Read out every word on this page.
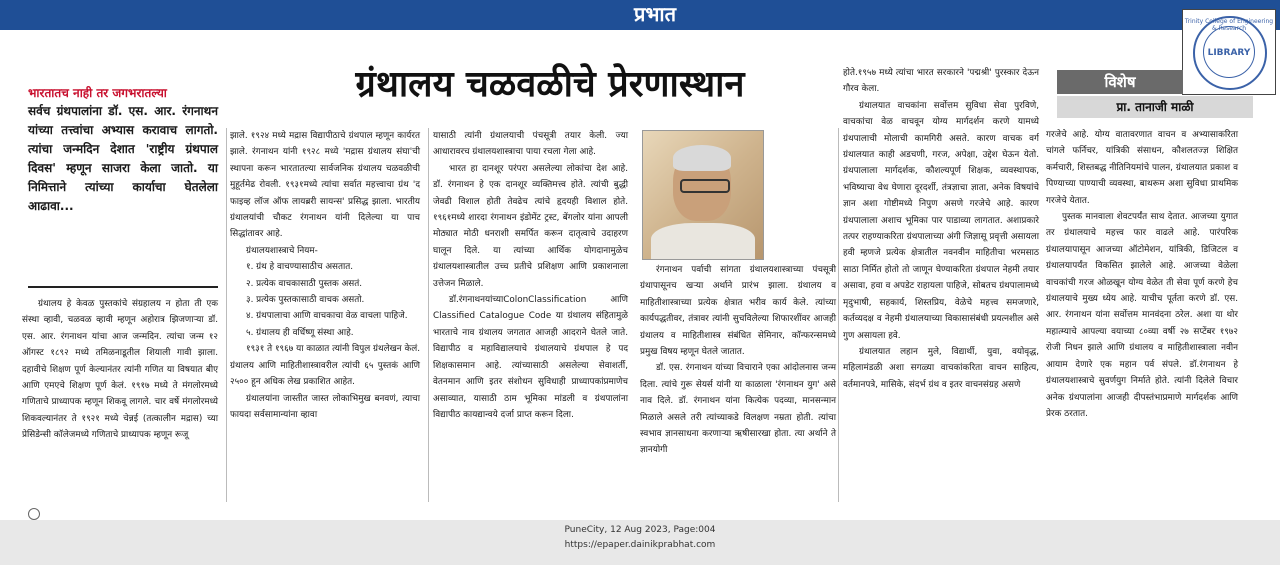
प्रभात	Trinity College of Engineering & Research
LIBRARY
ग्रंथालय चळवळीचे प्रेरणास्थान
भारतातच नाही तर जगभरातल्या
सर्वच ग्रंथपालांना डॉ. एस. आर. रंगनाथन यांच्या तत्त्वांचा अभ्यास करावाच लागतो. त्यांचा जन्मदिन देशात 'राष्ट्रीय ग्रंथपाल दिवस' म्हणून साजरा केला जातो. या निमित्ताने त्यांच्या कार्याचा घेतलेला आढावा...

ग्रंथालय हे केवळ पुस्तकांचे संग्रहालय न होता ती एक संस्था व्हावी, चळवळ व्हावी म्हणून अहोरात्र झिजणाऱ्या डॉ. एस. आर. रंगनाथन यांचा आज जन्मदिन. त्यांचा जन्म १२ ऑगस्ट १८९२ मध्ये तमिळनाडूतील शियाली गावी झाला. दहावीचे शिक्षण पूर्ण केल्यानंतर त्यांनी गणित या विषयात बीए आणि एमएचे शिक्षण पूर्ण केलं. १९१७ मध्ये ते मंगलोरमध्ये गणिताचे प्राध्यापक म्हणून शिकवू लागले. चार वर्षे मंगलोरमध्ये शिकवल्यानंतर ते १९२१ मध्ये चेन्नई (तत्कालीन मद्रास) च्या प्रेसिडेन्सी कॉलेजमध्ये गणिताचे प्राध्यापक म्हणून रूजू

झाले. १९२४ मध्ये मद्रास विद्यापीठाचे ग्रंथपाल म्हणून कार्यरत झाले. रंगनाथन यांनी १९२८ मध्ये 'मद्रास ग्रंथालय संघा'ची स्थापना करून भारतातल्या सार्वजनिक ग्रंथालय चळवळीची मुहूर्तमेढ रोवली. १९३१मध्ये त्यांचा सर्वात महत्त्वाचा ग्रंथ 'द फाइव्ह लॉज ऑफ लायब्ररी सायन्स' प्रसिद्ध झाला. भारतीय ग्रंथालयांची चौकट रंगनाथन यांनी दिलेल्या या पाच सिद्धांतावर आहे.

ग्रंथालयशास्त्राचे नियम-

१. ग्रंथ हे वाचण्यासाठीच असतात.

२. प्रत्येक वाचकासाठी पुस्तक असतं.

३. प्रत्येक पुस्तकासाठी वाचक असतो.

४. ग्रंथपालाचा आणि वाचकाचा वेळ वाचला पाहिजे.

५. ग्रंथालय ही वर्धिष्णू संस्था आहे.

१९३१ ते १९६७ या काळात त्यांनी विपुल ग्रंथलेखन केलं. ग्रंथालय आणि माहितीशास्त्रावरील त्यांची ६५ पुस्तकं आणि २५०० हून अधिक लेख प्रकाशित आहेत.

ग्रंथालयांना जास्तीत जास्त लोकाभिमुख बनवणं, त्याचा फायदा सर्वसामान्यांना व्हावा

यासाठी त्यांनी ग्रंथालयाची पंचसूत्री तयार केली. ज्या आधारावरच ग्रंथालयशास्त्राचा पाया रचला गेला आहे.

भारत हा दानशूर परंपरा असलेल्या लोकांचा देश आहे. डॉ. रंगनाथन हे एक दानशूर व्यक्तिमत्त्व होते. त्यांची बुद्धी जेवढी विशाल होती तेवढेच त्यांचे हृदयही विशाल होते. १९६१मध्ये शारदा रंगनाथन इंडोमेंट ट्रस्ट, बेंगलोर यांना आपली मोठ्यात मोठी धनराशी समर्पित करून दातृत्वाचे उदाहरण घालून दिले. या त्यांच्या आर्थिक योगदानामुळेच ग्रंथालयशास्त्रातील उच्च प्रतीचे प्रशिक्षण आणि प्रकाशनाला उत्तेजन मिळाले.

डॉ.रंगनाथनयांच्याColonClassification आणि Classified Catalogue Code या ग्रंथालय संहितामुळे भारताचे नाव ग्रंथालय जगतात आजही आदराने घेतले जाते. विद्यापीठ व महाविद्यालयाचे ग्रंथालयाचे ग्रंथपाल हे पद शिक्षकासमान आहे. त्यांच्यासाठी असलेल्या सेवाशर्ती, वेतनमान आणि इतर संशोधन सुविधाही प्राध्यापकांप्रमाणेच असाव्यात, यासाठी ठाम भूमिका मांडली व ग्रंथपालांना विद्यापीठ कायद्यान्वये दर्जा प्राप्त करून दिला.

रंगनाथन पर्वाची सांगता ग्रंथालयशास्त्राच्या पंचसूत्री ग्रंथापासूनच खऱ्या अर्थाने प्रारंभ झाला. ग्रंथालय व माहितीशास्त्राच्या प्रत्येक क्षेत्रात भरीव कार्य केले. त्यांच्या कार्यपद्धतीवर, तंत्रावर त्यांनी सुचविलेल्या शिफारशींवर आजही ग्रंथालय व माहितीशास्त्र संबंधित सेमिनार, कॉन्फरन्समध्ये प्रमुख विषय म्हणून घेतले जातात.

डॉ. एस. रंगनाथन यांच्या विचाराने एका आंदोलनास जन्म दिला. त्यांचे गुरू सेयर्स यांनी या काळाला 'रंगनाथन युग' असे नाव दिले. डॉ. रंगनाथन यांना कित्येक पदव्या, मानसन्मान मिळाले असले तरी त्यांच्याकडे विलक्षण नम्रता होती. त्यांचा स्वभाव ज्ञानसाधना करणाऱ्या ऋषीसारखा होता. त्या अर्थाने ते ज्ञानयोगी

होते.१९५७ मध्ये त्यांचा भारत सरकारने 'पद्मश्री' पुरस्कार देऊन गौरव केला.

ग्रंथालयात वाचकांना सर्वोत्तम सुविधा सेवा पुरविणे, वाचकांचा वेळ वाचवून योग्य मार्गदर्शन करणे यामध्ये ग्रंथपालाची मोलाची कामगिरी असते. कारण वाचक वर्ग ग्रंथालयात काही अडचणी, गरज, अपेक्षा, उद्देश घेऊन येतो. ग्रंथपालाला मार्गदर्शक, कौशल्यपूर्ण शिक्षक, व्यवस्थापक, भविष्याचा वेध घेणारा दूरदर्शी, तंत्रज्ञाचा ज्ञाता, अनेक विषयांचे ज्ञान अशा गोष्टीमध्ये निपुण असणे गरजेचे आहे. कारण ग्रंथपालाला अशाच भूमिका पार पाडाव्या लागतात. अशाप्रकारे तत्पर राहण्याकरिता ग्रंथपालाच्या अंगी जिज्ञासू प्रवृत्ती असायला हवी म्हणजे प्रत्येक क्षेत्रातील नवनवीन माहितीचा भरमसाठ साठा निर्मित होतो तो जाणून घेण्याकरिता ग्रंथपाल नेहमी तयार असावा, हवा व अपडेट राहायला पाहिजे, सोबतच ग्रंथपालामध्ये मृदुभाषी, सहकार्य, शिस्तप्रिय, वेळेचे महत्त्व समजणारे, कर्तव्यदक्ष व नेहमी ग्रंथालयाच्या विकासासंबंधी प्रयत्नशील असे गुण असायला हवे.

ग्रंथालयात लहान मुले, विद्यार्थी, युवा, वयोवृद्ध, महिलामंडळी अशा सगळ्या वाचकांकरिता वाचन साहित्य, वर्तमानपत्रे, मासिके, संदर्भ ग्रंथ व इतर वाचनसंग्रह असणे

विशेष
प्रा. तानाजी माळी

गरजेचे आहे. योग्य वातावरणात वाचन व अभ्यासाकरिता चांगले फर्निचर, यांत्रिकी संसाधन, कौशलतज्ज्ञ शिक्षित कर्मचारी, शिस्तबद्ध नीतिनियमांचे पालन, ग्रंथालयात प्रकाश व पिण्याच्या पाण्याची व्यवस्था, बाथरूम अशा सुविधा प्राथमिक गरजेचे येतात.

पुस्तक मानवाला शेवटपर्यंत साथ देतात. आजच्या युगात तर ग्रंथालयाचे महत्त्व फार वाढले आहे. पारंपरिक ग्रंथालयापासून आजच्या ऑटोमेशन, यांत्रिकी, डिजिटल व ग्रंथालयापर्यंत विकसित झालेले आहे. आजच्या वेळेला वाचकांची गरज ओळखून योग्य वेळेत ती सेवा पूर्ण करणे हेच ग्रंथालयाचे मुख्य ध्येय आहे. याचीच पूर्तता करणे डॉ. एस. आर. रंगनाथन यांना सर्वोत्तम मानवंदना ठरेल. अशा या थोर महात्म्याचे आपल्या वयाच्या ८०व्या वर्षी २७ सप्टेंबर १९७२ रोजी निधन झाले आणि ग्रंथालय व माहितीशास्त्राला नवीन आयाम देणारे एक महान पर्व संपले. डॉ.रंगनाथन हे ग्रंथालयशास्त्राचे सुवर्णयुग निर्माते होते. त्यांनी दिलेले विचार अनेक ग्रंथपालांना आजही दीपस्तंभाप्रमाणे मार्गदर्शक आणि प्रेरक ठरतात.

PuneCity, 12 Aug 2023, Page:004
https://epaper.dainikprabhat.com
